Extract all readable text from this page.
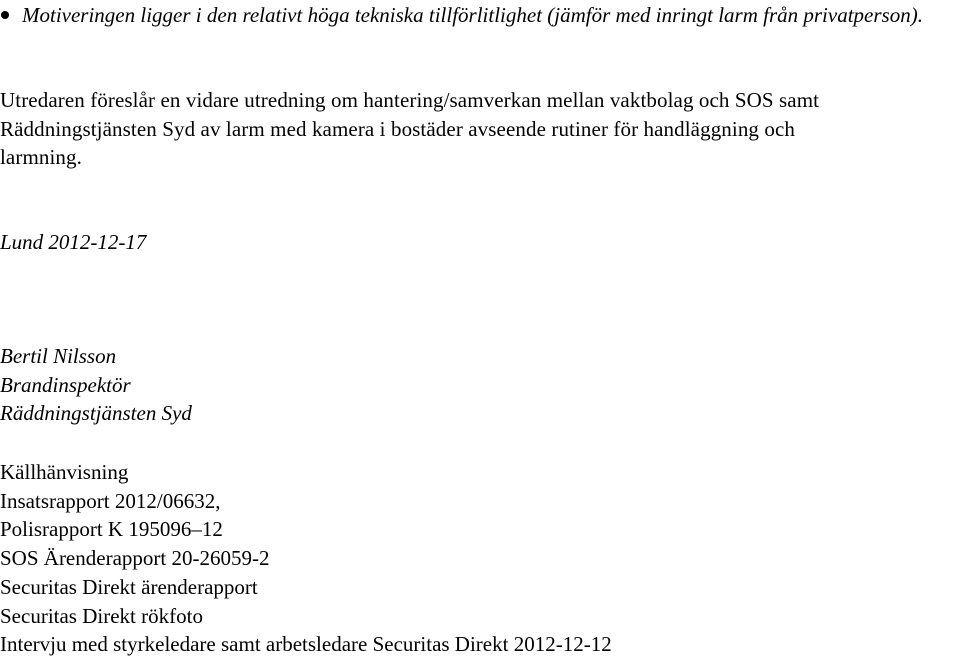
Motiveringen ligger i den relativt höga tekniska tillförlitlighet (jämför med inringt larm från privatperson).
Utredaren föreslår en vidare utredning om hantering/samverkan mellan vaktbolag och SOS samt
Räddningstjänsten Syd av larm med kamera i bostäder avseende rutiner för handläggning och
larmning.
Lund 2012-12-17
Bertil Nilsson
Brandinspektör
Räddningstjänsten Syd
Källhänvisning
Insatsrapport 2012/06632,
Polisrapport K 195096–12
SOS Ärenderapport 20-26059-2
Securitas Direkt ärenderapport
Securitas Direkt rökfoto
Intervju med styrkeledare samt arbetsledare Securitas Direkt 2012-12-12
